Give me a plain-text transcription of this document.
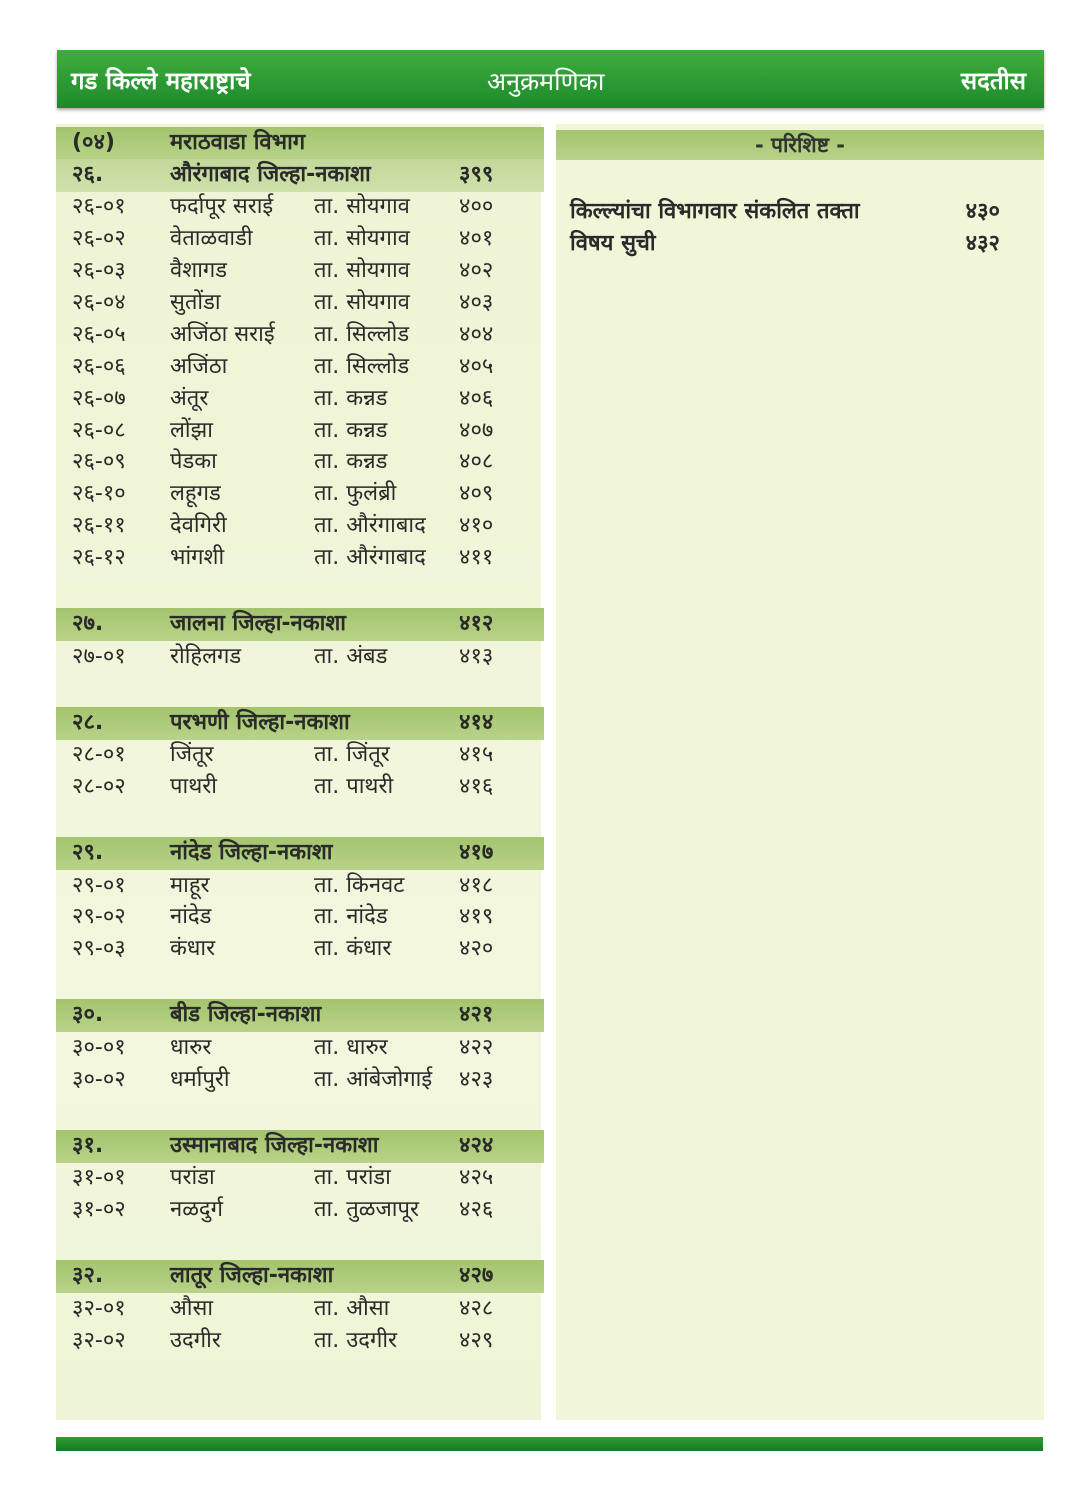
गड किल्ले महाराष्ट्राचे	अनुक्रमणिका	सदतीस
(०४)	मराठवाडा विभाग
२६.	औरंगाबाद जिल्हा-नकाशा	३९९
२६-०१ फर्दापूर सराई ता. सोयगाव ४००
२६-०२ वेताळवाडी	ता. सोयगाव ४०१
२६-०३ वैशागड	ता. सोयगाव ४०२
२६-०४ सुतोंडा	ता. सोयगाव ४०३
२६-०५ अजिंठा सराई ता. सिल्लोड ४०४
२६-०६ अजिंठा	ता. सिल्लोड ४०५
२६-०७ अंतूर	ता. कन्नड	४०६
२६-०८ लोंझा	ता. कन्नड	४०७
२६-०९ पेडका	ता. कन्नड	४०८
२६-१० लहूगड	ता. फुलंब्री	४०९
२६-११ देवगिरी	ता. औरंगाबाद ४१०
२६-१२ भांगशी	ता. औरंगाबाद ४११
२७.	जालना जिल्हा-नकाशा	४१२
२७-०१ रोहिलगड	ता. अंबड	४१३
२८.	परभणी जिल्हा-नकाशा	४१४
२८-०१ जिंतूर	ता. जिंतूर	४१५
२८-०२ पाथरी	ता. पाथरी	४१६
२९.	नांदेड जिल्हा-नकाशा	४१७
२९-०१ माहूर	ता. किनवट ४१८
२९-०२ नांदेड	ता. नांदेड	४१९
२९-०३ कंधार	ता. कंधार	४२०
३०.	बीड जिल्हा-नकाशा	४२१
३०-०१ धारुर	ता. धारुर	४२२
३०-०२ धर्मापुरी	ता. आंबेजोगाई ४२३
३१.	उस्मानाबाद जिल्हा-नकाशा	४२४
३१-०१ परांडा	ता. परांडा	४२५
३१-०२ नळदुर्ग	ता. तुळजापूर ४२६
३२.	लातूर जिल्हा-नकाशा	४२७
३२-०१ औसा	ता. औसा	४२८
३२-०२ उदगीर	ता. उदगीर	४२९
- परिशिष्ट -
किल्ल्यांचा विभागवार संकलित तक्ता	४३०
विषय सुची	४३२
